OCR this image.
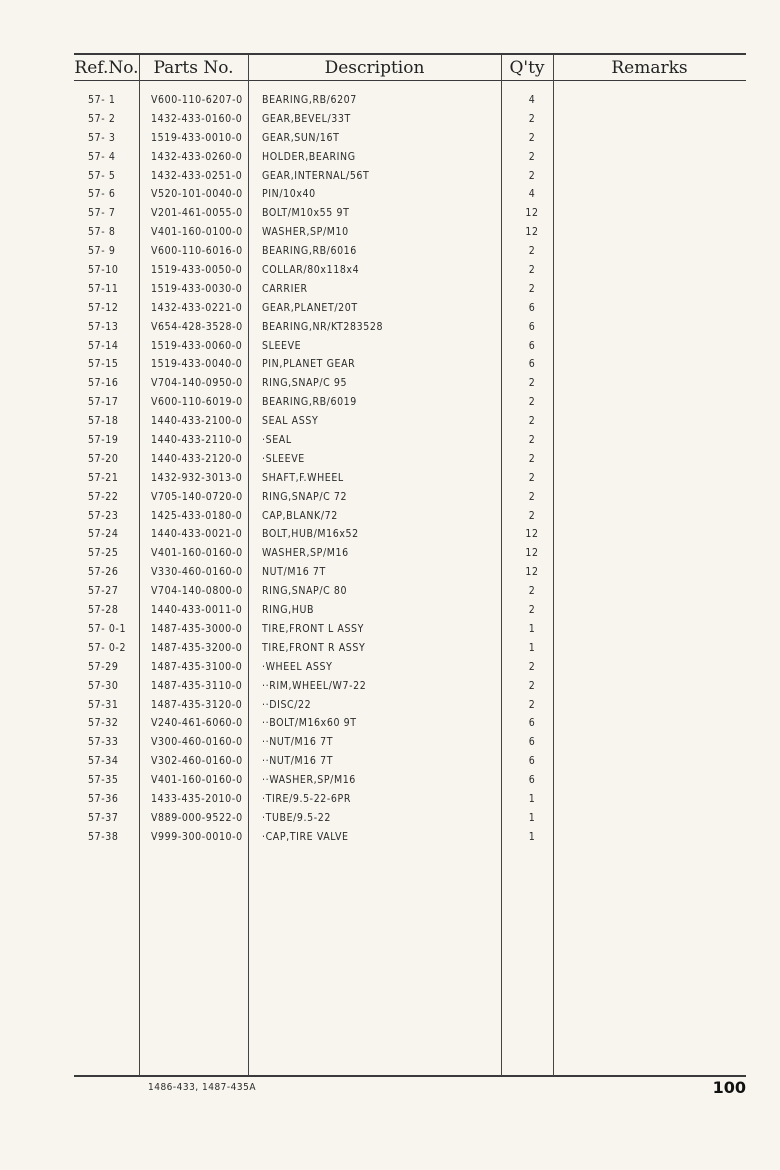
Ref.No. Parts No.	Description	Q'ty	Remarks
57- 1	V600-110-6207-0 BEARING,RB/6207	4
57- 2	1432-433-0160-0 GEAR,BEVEL/33T	2
57- 3	1519-433-0010-0 GEAR,SUN/16T	2
57- 4	1432-433-0260-0 HOLDER,BEARING	2
57- 5	1432-433-0251-0 GEAR,INTERNAL/56T	2
57- 6	V520-101-0040-0 PIN/10x40	4
57- 7	V201-461-0055-0 BOLT/M10x55 9T	12
57- 8	V401-160-0100-0 WASHER,SP/M10	12
57- 9	V600-110-6016-0 BEARING,RB/6016	2
57-10	1519-433-0050-0 COLLAR/80x118x4	2
57-11	1519-433-0030-0 CARRIER	2
57-12	1432-433-0221-0 GEAR,PLANET/20T	6
57-13	V654-428-3528-0 BEARING,NR/KT283528	6
57-14	1519-433-0060-0 SLEEVE	6
57-15	1519-433-0040-0 PIN,PLANET GEAR	6
57-16	V704-140-0950-0 RING,SNAP/C 95	2
57-17	V600-110-6019-0 BEARING,RB/6019	2
57-18	1440-433-2100-0 SEAL ASSY	2
57-19	1440-433-2110-0 ·SEAL	2
57-20	1440-433-2120-0 ·SLEEVE	2
57-21	1432-932-3013-0 SHAFT,F.WHEEL	2
57-22	V705-140-0720-0 RING,SNAP/C 72	2
57-23	1425-433-0180-0 CAP,BLANK/72	2
57-24	1440-433-0021-0 BOLT,HUB/M16x52	12
57-25	V401-160-0160-0 WASHER,SP/M16	12
57-26	V330-460-0160-0 NUT/M16 7T	12
57-27	V704-140-0800-0 RING,SNAP/C 80	2
57-28	1440-433-0011-0 RING,HUB	2
57- 0-1 1487-435-3000-0 TIRE,FRONT L ASSY	1
57- 0-2 1487-435-3200-0 TIRE,FRONT R ASSY	1
57-29	1487-435-3100-0 ·WHEEL ASSY	2
57-30	1487-435-3110-0 ··RIM,WHEEL/W7-22	2
57-31	1487-435-3120-0 ··DISC/22	2
57-32	V240-461-6060-0 ··BOLT/M16x60 9T	6
57-33	V300-460-0160-0 ··NUT/M16 7T	6
57-34	V302-460-0160-0 ··NUT/M16 7T	6
57-35	V401-160-0160-0 ··WASHER,SP/M16	6
57-36	1433-435-2010-0 ·TIRE/9.5-22-6PR	1
57-37	V889-000-9522-0 ·TUBE/9.5-22	1
57-38	V999-300-0010-0 ·CAP,TIRE VALVE	1
1486-433, 1487-435A	100
